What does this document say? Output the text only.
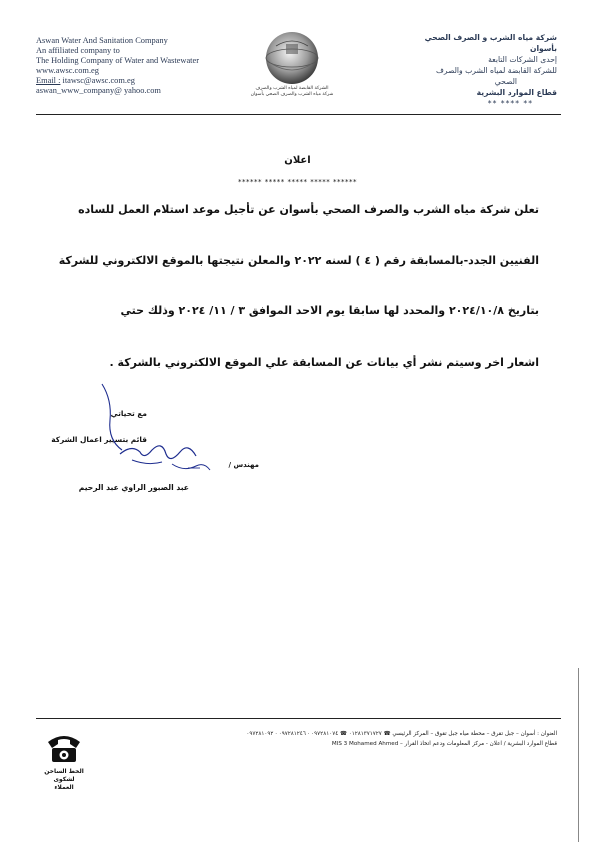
Aswan Water And Sanitation Company
An affiliated company to
The Holding Company of Water and Wastewater
www.awsc.com.eg
Email : itawsc@awsc.com.eg
aswan_www_company@ yahoo.com	الشركة القابضة لمياه الشرب والصرف
شركة مياه الشرب والصرف الصحي بأسوان
شركة مياه الشرب و الصرف الصحي بأسوان
إحدى الشركات التابعة
للشركة القابضة لمياه الشرب والصرف
الصحي
قطاع الموارد البشرية
** **** **
اعلان
****** ***** ***** ***** ******
تعلن شركة مياه الشرب والصرف الصحي بأسوان عن تأجيل موعد استلام العمل للساده
الفنيين الجدد-بالمسابقة رقم ( ٤ ) لسنه ٢٠٢٢ والمعلن نتيجتها بالموقع الالكتروني للشركة
بتاريخ ٢٠٢٤/١٠/٨ والمحدد لها سابقا يوم الاحد الموافق ٣ / ١١/ ٢٠٢٤ وذلك حتي
اشعار اخر وسيتم نشر أي بيانات عن المسابقة علي الموقع الالكتروني بالشركة .
مع تحياتي
قائم بتسيير اعمال الشركة
مهندس /
عبد الصبور الراوي عبد الرحيم
الخط الساخن
لشكوى العملاء
العنوان : أسوان – جبل تقرق – محطة مياه جبل تقوق – المركز الرئيسي ☎ ٠١٢٨١٣٧١٧٢٧ ☎ ٠٩٧٢٨١٠٧٤ · ٠٩٧٢٨١٢٤٦ · ٠٩٧٢٨١٠٩٢
قطاع الموارد البشرية / اعلان - مركز المعلومات ودعم اتخاذ القرار – MIS 3 Mohamed Ahmed
